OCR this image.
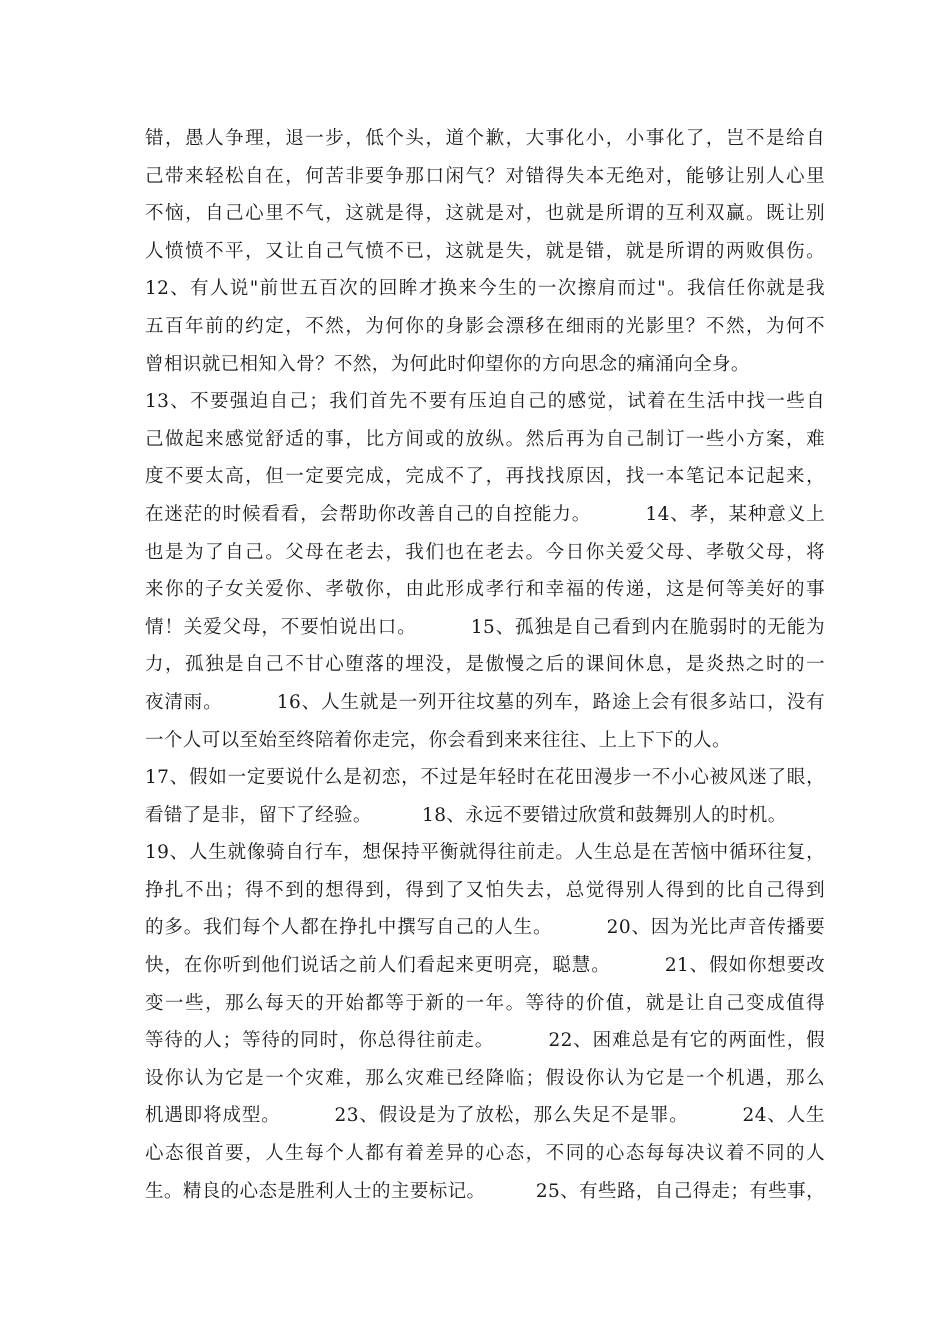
错，愚人争理，退一步，低个头，道个歉，大事化小，小事化了，岂不是给自
己带来轻松自在，何苦非要争那口闲气？对错得失本无绝对，能够让别人心里
不恼，自己心里不气，这就是得，这就是对，也就是所谓的互利双赢。既让别
人愤愤不平，又让自己气愤不已，这就是失，就是错，就是所谓的两败俱伤。
12、有人说"前世五百次的回眸才换来今生的一次擦肩而过"。我信任你就是我
五百年前的约定，不然，为何你的身影会漂移在细雨的光影里？不然，为何不
曾相识就已相知入骨？不然，为何此时仰望你的方向思念的痛涌向全身。
13、不要强迫自己；我们首先不要有压迫自己的感觉，试着在生活中找一些自
己做起来感觉舒适的事，比方间或的放纵。然后再为自己制订一些小方案，难
度不要太高，但一定要完成，完成不了，再找找原因，找一本笔记本记起来，
在迷茫的时候看看，会帮助你改善自己的自控能力。        14、孝，某种意义上
也是为了自己。父母在老去，我们也在老去。今日你关爱父母、孝敬父母，将
来你的子女关爱你、孝敬你，由此形成孝行和幸福的传递，这是何等美好的事
情！关爱父母，不要怕说出口。        15、孤独是自己看到内在脆弱时的无能为
力，孤独是自己不甘心堕落的埋没，是傲慢之后的课间休息，是炎热之时的一
夜清雨。        16、人生就是一列开往坟墓的列车，路途上会有很多站口，没有
一个人可以至始至终陪着你走完，你会看到来来往往、上上下下的人。
17、假如一定要说什么是初恋，不过是年轻时在花田漫步一不小心被风迷了眼，
看错了是非，留下了经验。        18、永远不要错过欣赏和鼓舞别人的时机。
19、人生就像骑自行车，想保持平衡就得往前走。人生总是在苦恼中循环往复，
挣扎不出；得不到的想得到，得到了又怕失去，总觉得别人得到的比自己得到
的多。我们每个人都在挣扎中撰写自己的人生。        20、因为光比声音传播要
快，在你听到他们说话之前人们看起来更明亮，聪慧。        21、假如你想要改
变一些，那么每天的开始都等于新的一年。等待的价值，就是让自己变成值得
等待的人；等待的同时，你总得往前走。        22、困难总是有它的两面性，假
设你认为它是一个灾难，那么灾难已经降临；假设你认为它是一个机遇，那么
机遇即将成型。        23、假设是为了放松，那么失足不是罪。        24、人生
心态很首要，人生每个人都有着差异的心态，不同的心态每每决议着不同的人
生。精良的心态是胜利人士的主要标记。        25、有些路，自己得走；有些事，
